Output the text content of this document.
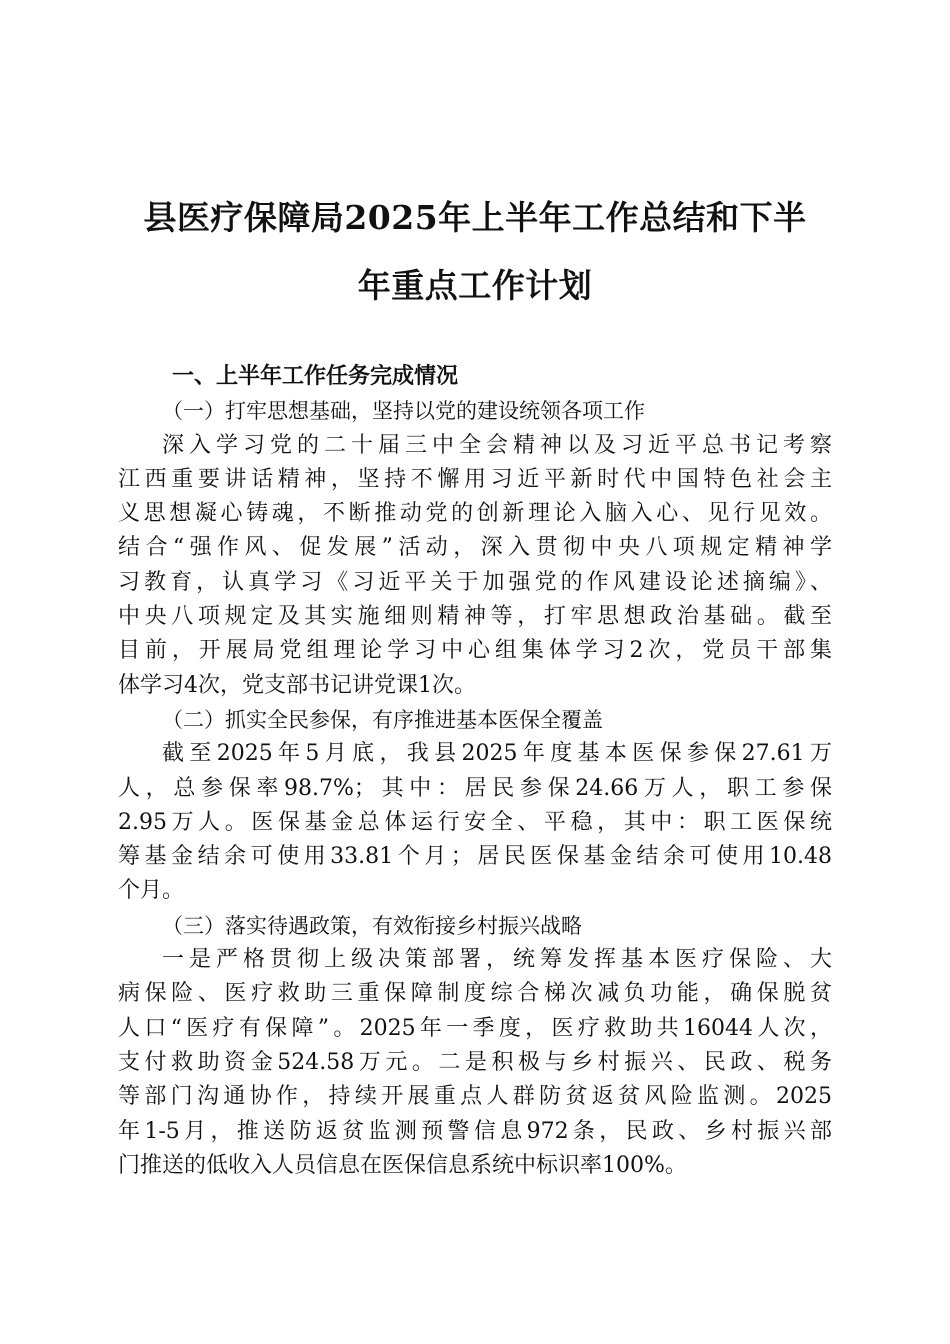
县医疗保障局2025年上半年工作总结和下半
年重点工作计划
一、上半年工作任务完成情况
（一）打牢思想基础，坚持以党的建设统领各项工作
深入学习党的二十届三中全会精神以及习近平总书记考察
江西重要讲话精神，坚持不懈用习近平新时代中国特色社会主
义思想凝心铸魂，不断推动党的创新理论入脑入心、见行见效。
结合“强作风、促发展”活动，深入贯彻中央八项规定精神学
习教育，认真学习《习近平关于加强党的作风建设论述摘编》、
中央八项规定及其实施细则精神等，打牢思想政治基础。截至
目前，开展局党组理论学习中心组集体学习2次，党员干部集
体学习4次，党支部书记讲党课1次。
（二）抓实全民参保，有序推进基本医保全覆盖
截至2025年5月底，我县2025年度基本医保参保27.61万
人，总参保率98.7%；其中：居民参保24.66万人，职工参保
2.95万人。医保基金总体运行安全、平稳，其中：职工医保统
筹基金结余可使用33.81个月；居民医保基金结余可使用10.48
个月。
（三）落实待遇政策，有效衔接乡村振兴战略
一是严格贯彻上级决策部署，统筹发挥基本医疗保险、大
病保险、医疗救助三重保障制度综合梯次减负功能，确保脱贫
人口“医疗有保障”。2025年一季度，医疗救助共16044人次，
支付救助资金524.58万元。二是积极与乡村振兴、民政、税务
等部门沟通协作，持续开展重点人群防贫返贫风险监测。2025
年1-5月，推送防返贫监测预警信息972条，民政、乡村振兴部
门推送的低收入人员信息在医保信息系统中标识率100%。
